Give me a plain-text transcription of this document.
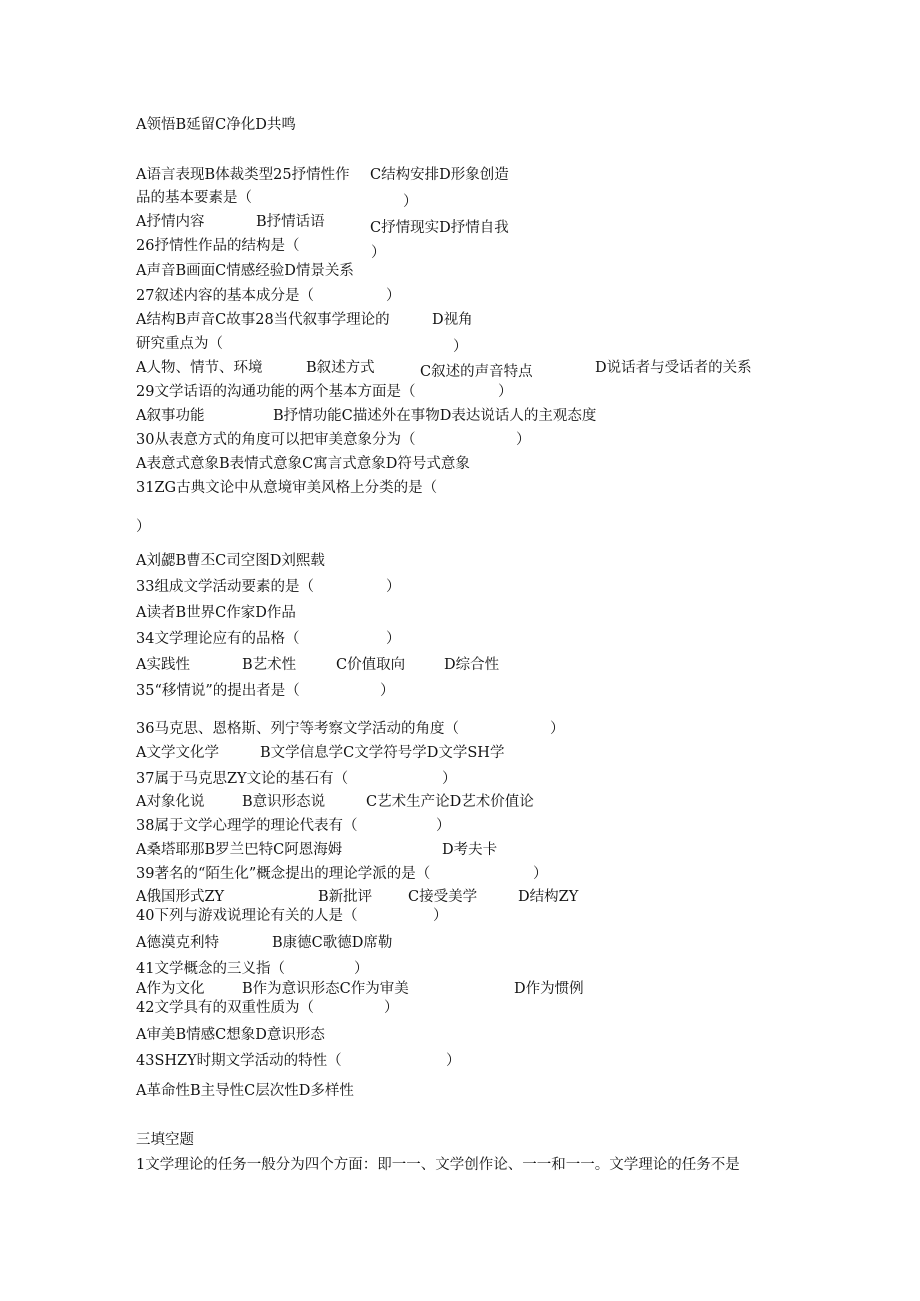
A领悟B延留C净化D共鸣
A语言表现B体裁类型25抒情性作 C结构安排D形象创造
品的基本要素是（	）
A抒情内容	B抒情话语	C抒情现实D抒情自我
26抒情性作品的结构是（	）
A声音B画面C情感经验D情景关系
27叙述内容的基本成分是（	）
A结构B声音C故事28当代叙事学理论的	D视角
研究重点为（	）
A人物、情节、环境	B叙述方式	C叙述的声音特点	D说话者与受话者的关系
29文学话语的沟通功能的两个基本方面是（	）
A叙事功能	B抒情功能C描述外在事物D表达说话人的主观态度
30从表意方式的角度可以把审美意象分为（	）
A表意式意象B表情式意象C寓言式意象D符号式意象
31ZG古典文论中从意境审美风格上分类的是（
）
A刘勰B曹丕C司空图D刘熙载
33组成文学活动要素的是（	）
A读者B世界C作家D作品
34文学理论应有的品格（	）
A实践性	B艺术性	C价值取向	D综合性
35“移情说”的提出者是（	）
36马克思、恩格斯、列宁等考察文学活动的角度（	）
A文学文化学	B文学信息学C文学符号学D文学SH学
37属于马克思ZY文论的基石有（	）
A对象化说	B意识形态说	C艺术生产论D艺术价值论
38属于文学心理学的理论代表有（	）
A桑塔耶那B罗兰巴特C阿恩海姆	D考夫卡
39著名的“陌生化”概念提出的理论学派的是（	）
A俄国形式ZY	B新批评 C接受美学	D结构ZY
40下列与游戏说理论有关的人是（	）
A德漠克利特	B康德C歌德D席勒
41文学概念的三义指（	）
A作为文化	B作为意识形态C作为审美	D作为惯例
42文学具有的双重性质为（	）
A审美B情感C想象D意识形态
43SHZY时期文学活动的特性（	）
A革命性B主导性C层次性D多样性
三填空题
1文学理论的任务一般分为四个方面：即一一、文学创作论、一一和一一。文学理论的任务不是
